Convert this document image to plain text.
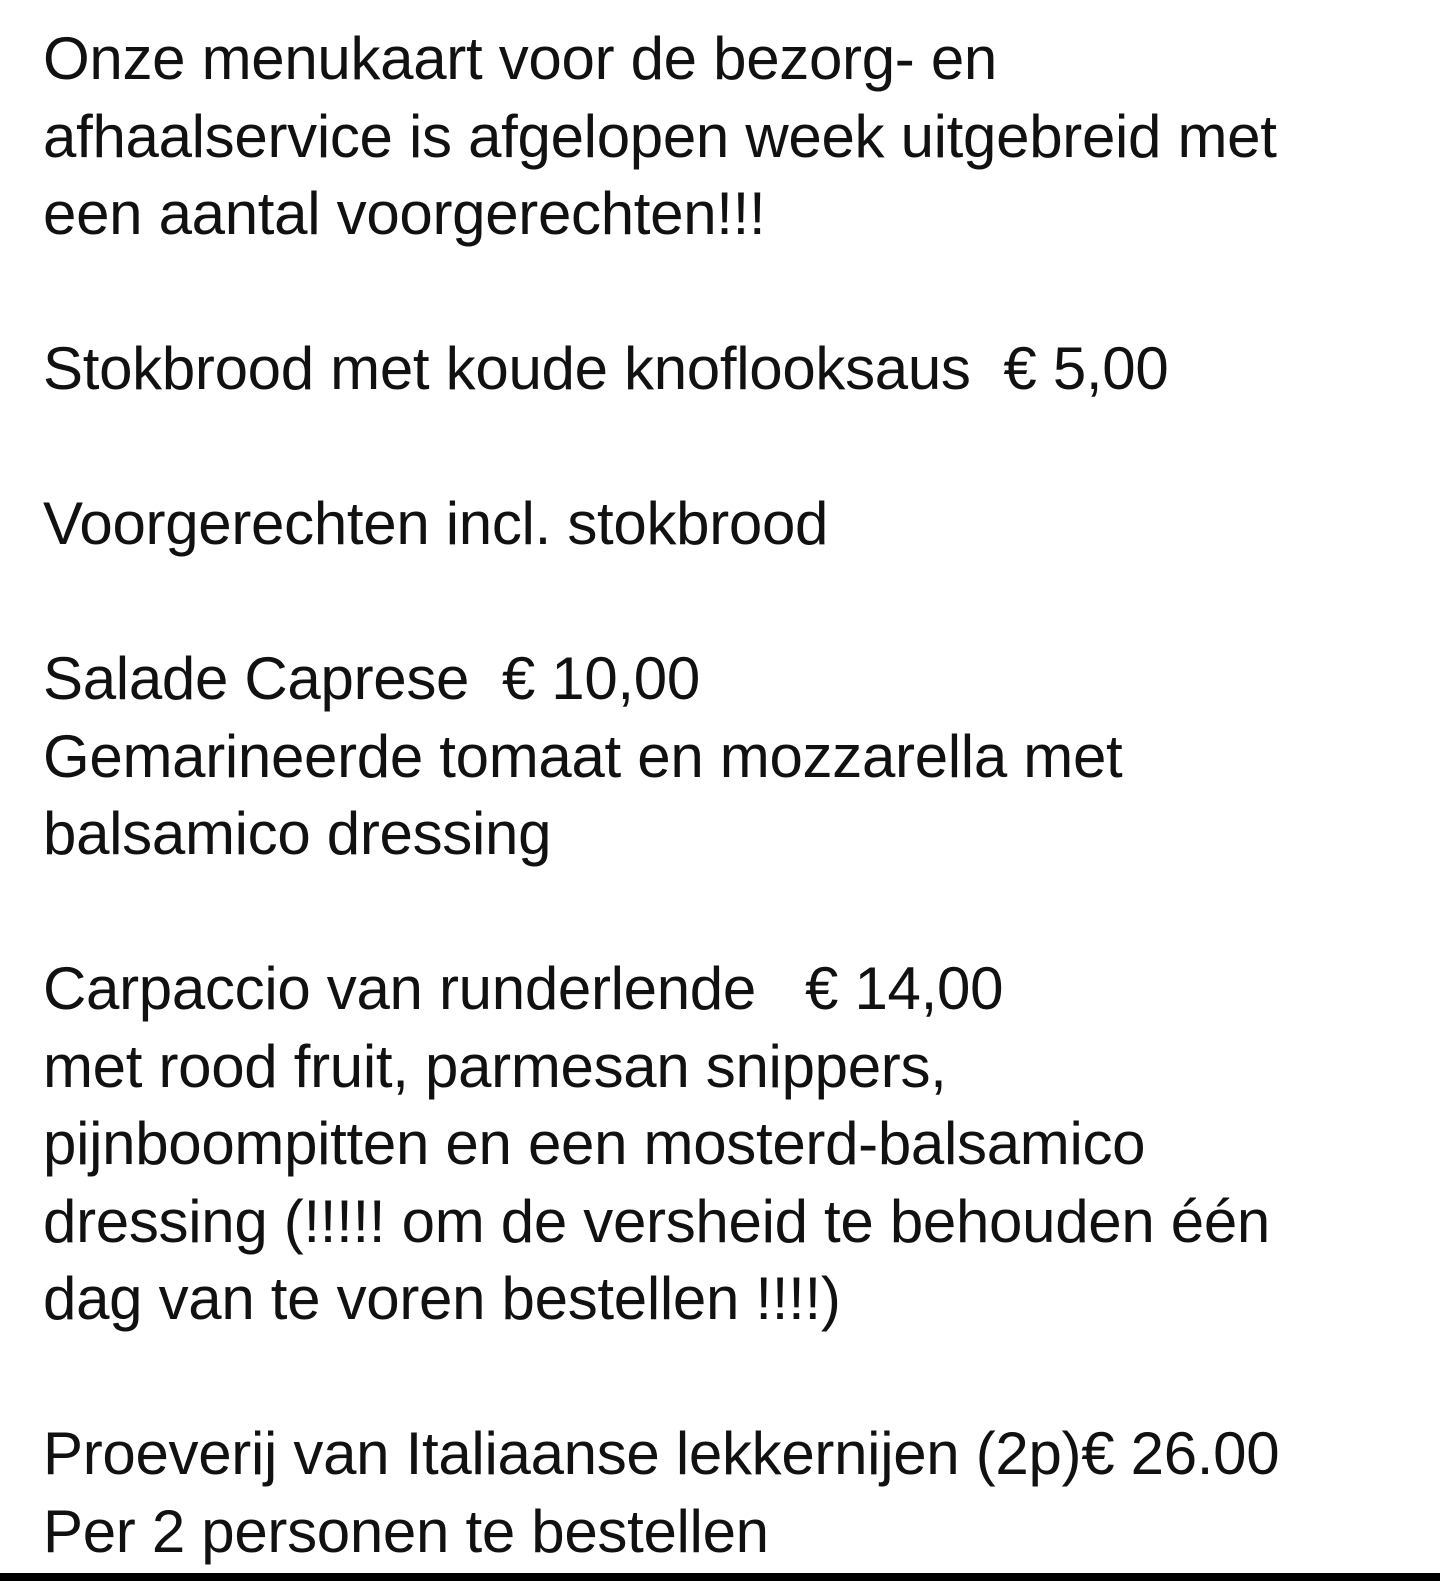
Onze menukaart voor de bezorg- en
afhaalservice is afgelopen week uitgebreid met
een aantal voorgerechten!!!
Stokbrood met koude knoflooksaus  € 5,00
Voorgerechten incl. stokbrood
Salade Caprese  € 10,00
Gemarineerde tomaat en mozzarella met
balsamico dressing
Carpaccio van runderlende   € 14,00
met rood fruit, parmesan snippers,
pijnboompitten en een mosterd-balsamico
dressing (!!!!! om de versheid te behouden één
dag van te voren bestellen !!!!)
Proeverij van Italiaanse lekkernijen (2p)€ 26.00
Per 2 personen te bestellen
